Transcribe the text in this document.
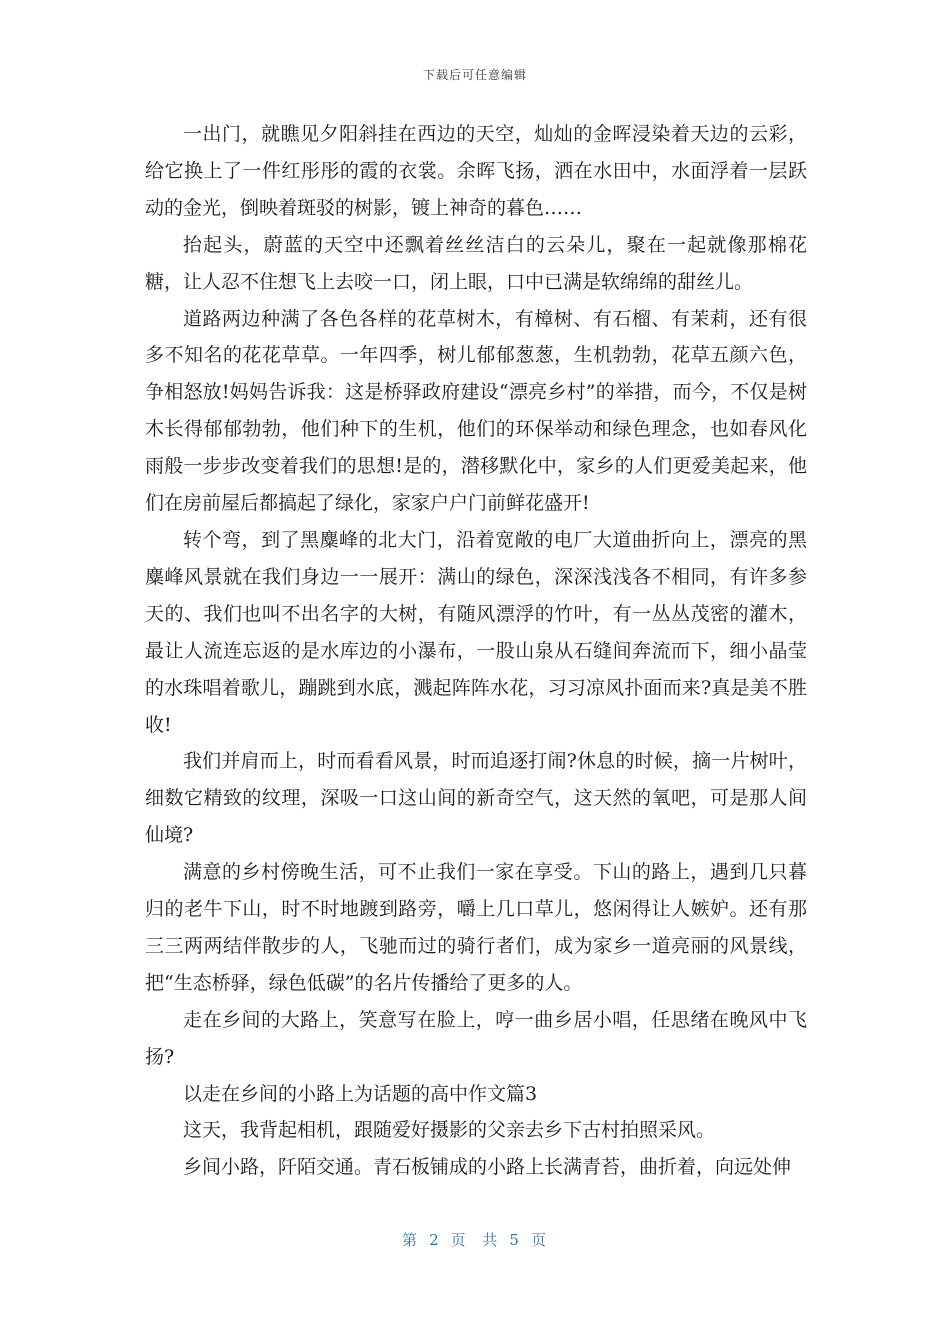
下载后可任意编辑

一出门，就瞧见夕阳斜挂在西边的天空，灿灿的金晖浸染着天边的云彩，给它换上了一件红彤彤的霞的衣裳。余晖飞扬，洒在水田中，水面浮着一层跃动的金光，倒映着斑驳的树影，镀上神奇的暮色……

抬起头，蔚蓝的天空中还飘着丝丝洁白的云朵儿，聚在一起就像那棉花糖，让人忍不住想飞上去咬一口，闭上眼，口中已满是软绵绵的甜丝儿。

道路两边种满了各色各样的花草树木，有樟树、有石榴、有茉莉，还有很多不知名的花花草草。一年四季，树儿郁郁葱葱，生机勃勃，花草五颜六色，争相怒放!妈妈告诉我：这是桥驿政府建设“漂亮乡村”的举措，而今，不仅是树木长得郁郁勃勃，他们种下的生机，他们的环保举动和绿色理念，也如春风化雨般一步步改变着我们的思想!是的，潜移默化中，家乡的人们更爱美起来，他们在房前屋后都搞起了绿化，家家户户门前鲜花盛开!

转个弯，到了黑麋峰的北大门，沿着宽敞的电厂大道曲折向上，漂亮的黑麋峰风景就在我们身边一一展开：满山的绿色，深深浅浅各不相同，有许多参天的、我们也叫不出名字的大树，有随风漂浮的竹叶，有一丛丛茂密的灌木，最让人流连忘返的是水库边的小瀑布，一股山泉从石缝间奔流而下，细小晶莹的水珠唱着歌儿，蹦跳到水底，溅起阵阵水花，习习凉风扑面而来?真是美不胜收!

我们并肩而上，时而看看风景，时而追逐打闹?休息的时候，摘一片树叶，细数它精致的纹理，深吸一口这山间的新奇空气，这天然的氧吧，可是那人间仙境?

满意的乡村傍晚生活，可不止我们一家在享受。下山的路上，遇到几只暮归的老牛下山，时不时地踱到路旁，嚼上几口草儿，悠闲得让人嫉妒。还有那三三两两结伴散步的人，飞驰而过的骑行者们，成为家乡一道亮丽的风景线，把“生态桥驿，绿色低碳”的名片传播给了更多的人。

走在乡间的大路上，笑意写在脸上，哼一曲乡居小唱，任思绪在晚风中飞扬?

以走在乡间的小路上为话题的高中作文篇3

这天，我背起相机，跟随爱好摄影的父亲去乡下古村拍照采风。

乡间小路，阡陌交通。青石板铺成的小路上长满青苔，曲折着，向远处伸

第 2 页 共 5 页
